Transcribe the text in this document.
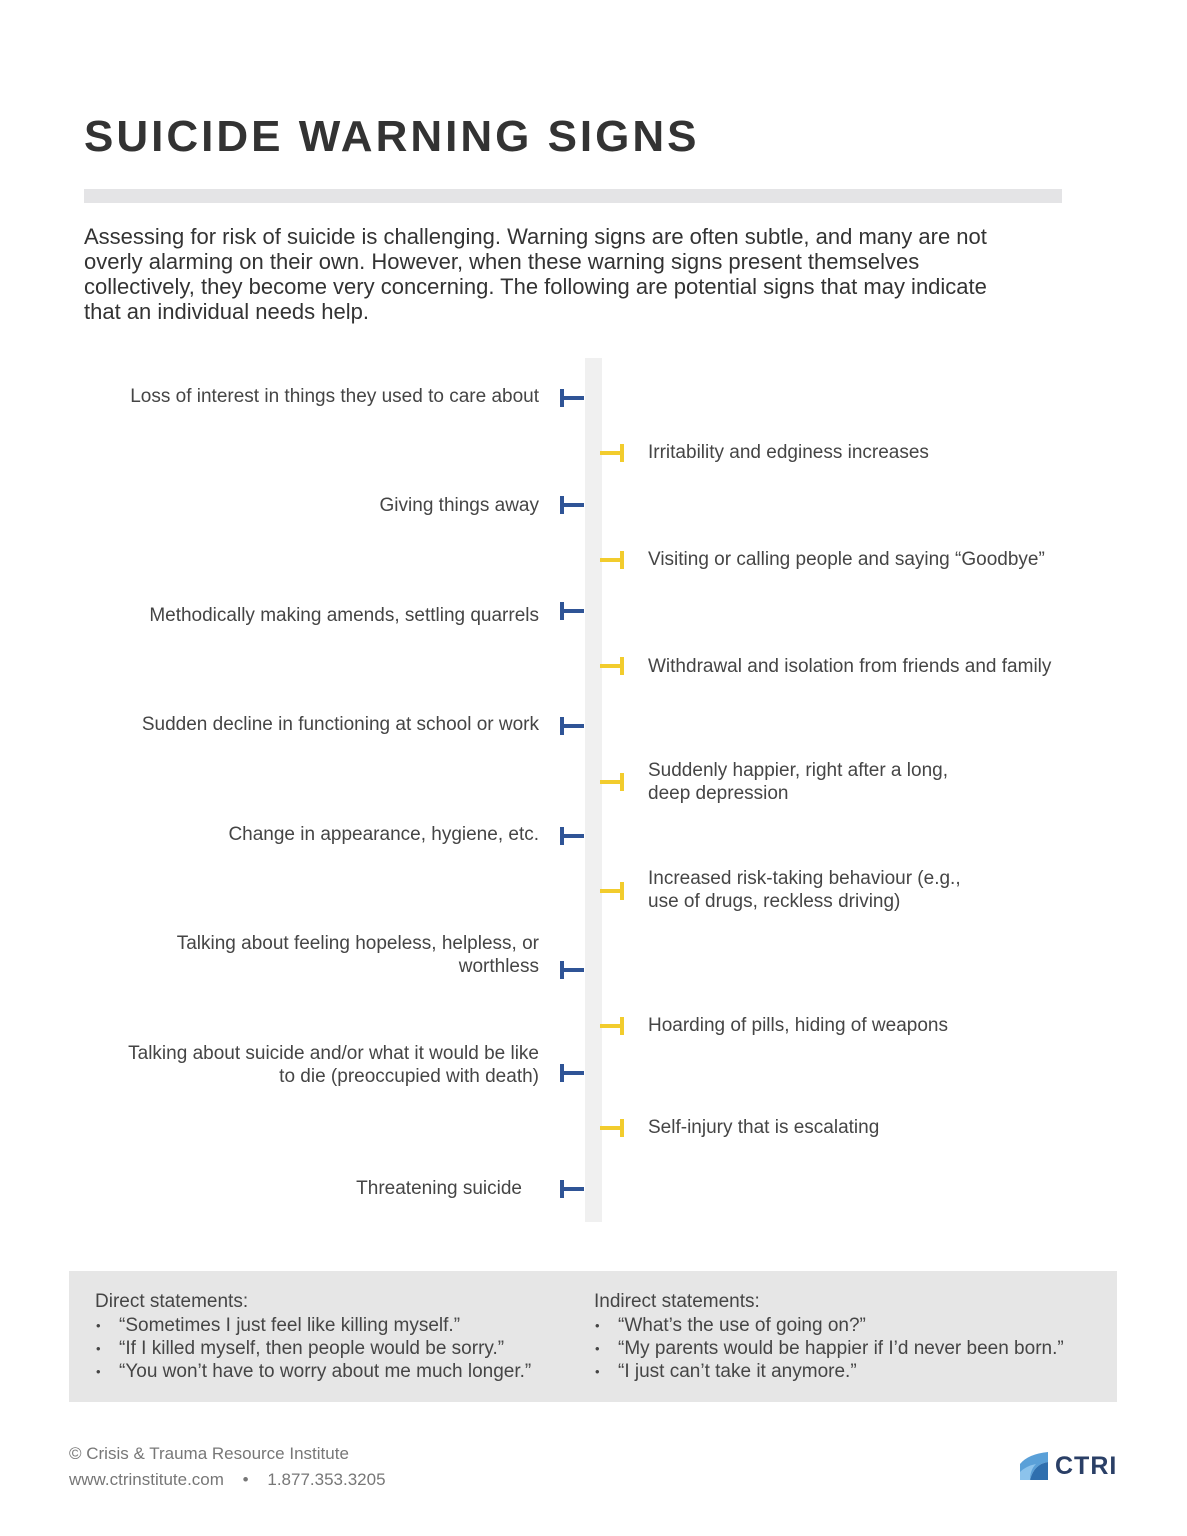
SUICIDE WARNING SIGNS

Assessing for risk of suicide is challenging. Warning signs are often subtle, and many are not overly alarming on their own. However, when these warning signs present themselves collectively, they become very concerning. The following are potential signs that may indicate that an individual needs help.

Loss of interest in things they used to care about
Giving things away
Methodically making amends, settling quarrels
Sudden decline in functioning at school or work
Change in appearance, hygiene, etc.
Talking about feeling hopeless, helpless, or worthless
Talking about suicide and/or what it would be like to die (preoccupied with death)
Threatening suicide
Irritability and edginess increases
Visiting or calling people and saying “Goodbye”
Withdrawal and isolation from friends and family
Suddenly happier, right after a long, deep depression
Increased risk-taking behaviour (e.g., use of drugs, reckless driving)
Hoarding of pills, hiding of weapons
Self-injury that is escalating

Direct statements:

• “Sometimes I just feel like killing myself.”
• “If I killed myself, then people would be sorry.”
• “You won’t have to worry about me much longer.”

Indirect statements:

• “What’s the use of going on?”
• “My parents would be happier if I’d never been born.”
• “I just can’t take it anymore.”
© Crisis & Trauma Resource Institute
www.ctrinstitute.com • 1.877.353.3205	CTRI
